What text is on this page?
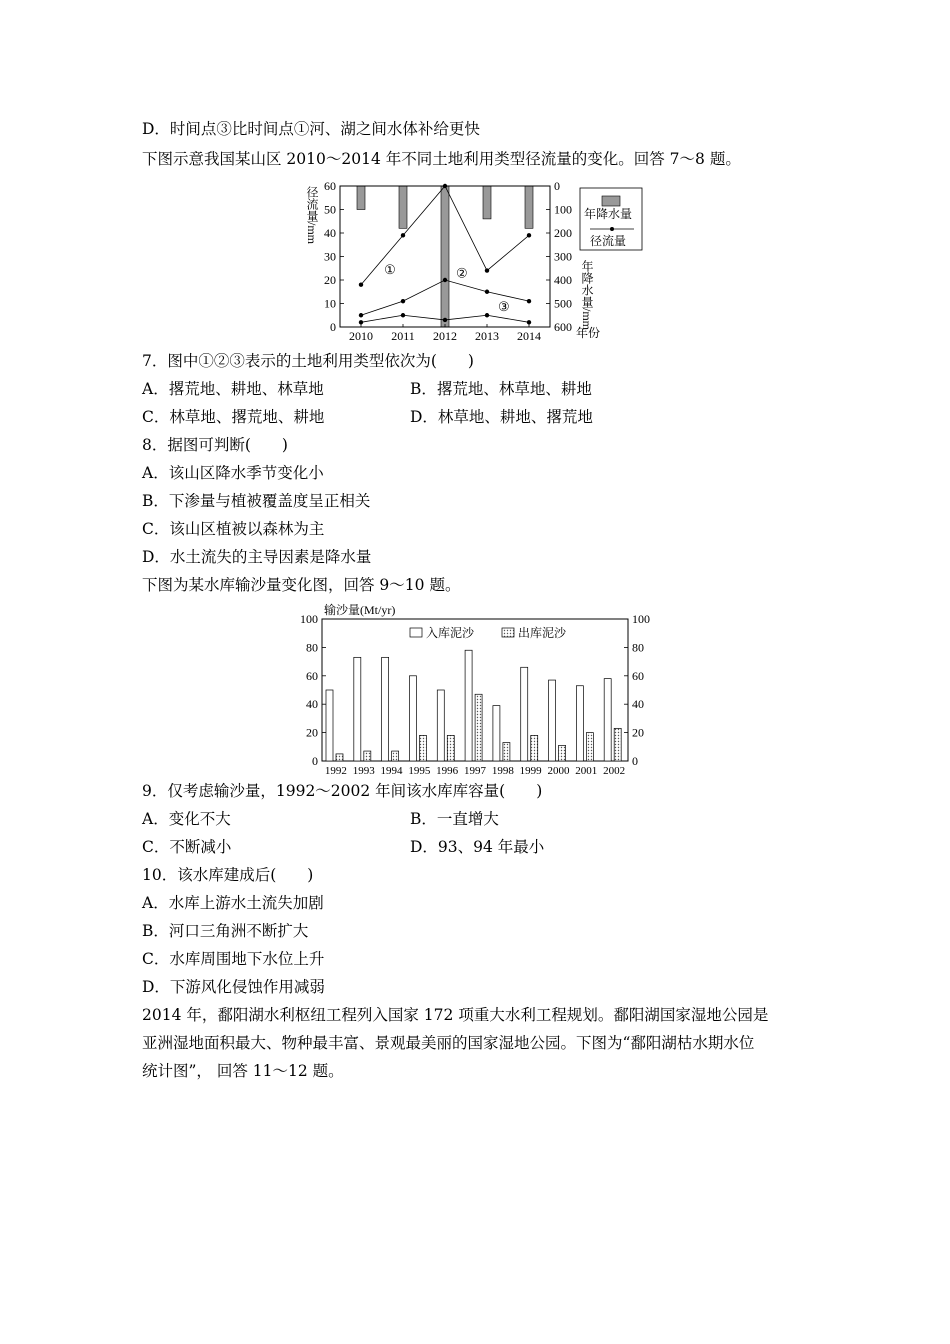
D．时间点③比时间点①河、湖之间水体补给更快
下图示意我国某山区 2010～2014 年不同土地利用类型径流量的变化。回答 7～8 题。
①	②
③
0
10
20
30
40
50
60	0
100
200
300
400
500
600
2010 2011 2012 2013 2014
径流量/mm
年降水量/mm
年份
年降水量
径流量
7．图中①②③表示的土地利用类型依次为(　　)
A．撂荒地、耕地、林草地	B．撂荒地、林草地、耕地
C．林草地、撂荒地、耕地	D．林草地、耕地、撂荒地
8．据图可判断(　　)
A．该山区降水季节变化小
B．下渗量与植被覆盖度呈正相关
C．该山区植被以森林为主
D．水土流失的主导因素是降水量
下图为某水库输沙量变化图，回答 9～10 题。
输沙量(Mt/yr)
0	0
20	20
40	40
60	60
80	80
100	100
1992 1993 1994 1995 1996 1997 1998 1999 2000 2001 2002
入库泥沙	出库泥沙
9．仅考虑输沙量，1992～2002 年间该水库库容量(　　)
A．变化不大	B．一直增大
C．不断减小	D．93、94 年最小
10．该水库建成后(　　)
A．水库上游水土流失加剧
B．河口三角洲不断扩大
C．水库周围地下水位上升
D．下游风化侵蚀作用减弱
2014 年，鄱阳湖水利枢纽工程列入国家 172 项重大水利工程规划。鄱阳湖国家湿地公园是
亚洲湿地面积最大、物种最丰富、景观最美丽的国家湿地公园。下图为“鄱阳湖枯水期水位
统计图”， 回答 11～12 题。
